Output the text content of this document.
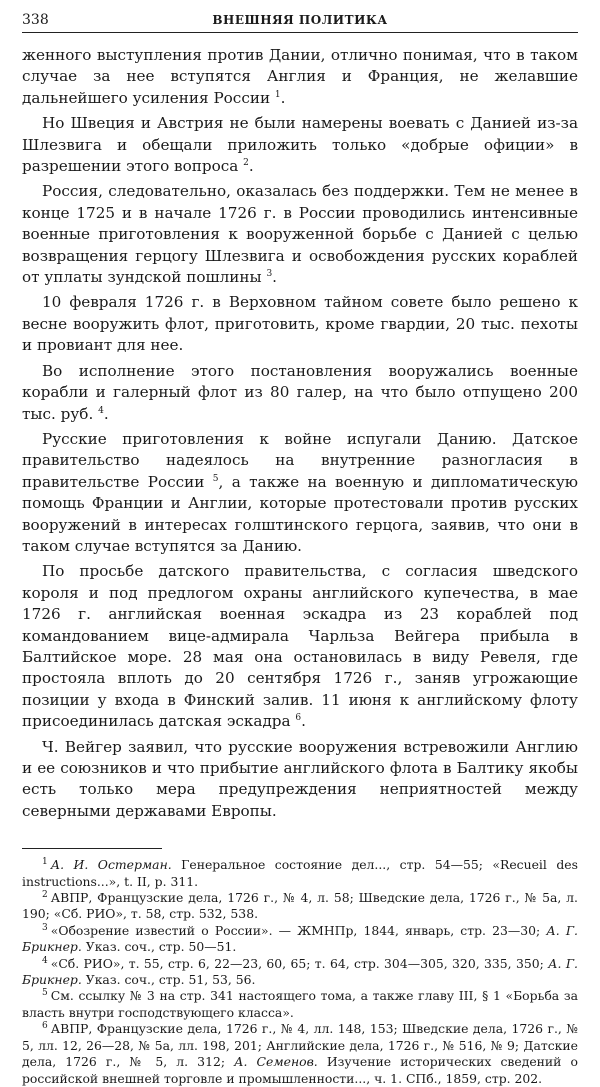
338	ВНЕШНЯЯ ПОЛИТИКА

женного выступления против Дании, отлично понимая, что в таком случае за нее вступятся Англия и Франция, не желавшие дальнейшего усиления России $^1$.

Но Швеция и Австрия не были намерены воевать с Данией из-за Шлезвига и обещали приложить только «добрые официи» в разрешении этого вопроса $^2$.

Россия, следовательно, оказалась без поддержки. Тем не менее в конце 1725 и в начале 1726 г. в России проводились интенсивные военные приготовления к вооруженной борьбе с Данией с целью возвращения герцогу Шлезвига и освобождения русских кораблей от уплаты зундской пошлины $^3$.

10 февраля 1726 г. в Верховном тайном совете было решено к весне вооружить флот, приготовить, кроме гвардии, 20 тыс. пехоты и провиант для нее.

Во исполнение этого постановления вооружались военные корабли и галерный флот из 80 галер, на что было отпущено 200 тыс. руб. $^4$.

Русские приготовления к войне испугали Данию. Датское правительство надеялось на внутренние разногласия в правительстве России $^5$, а также на военную и дипломатическую помощь Франции и Англии, которые протестовали против русских вооружений в интересах голштинского герцога, заявив, что они в таком случае вступятся за Данию.

По просьбе датского правительства, с согласия шведского короля и под предлогом охраны английского купечества, в мае 1726 г. английская военная эскадра из 23 кораблей под командованием вице-адмирала Чарльза Вейгера прибыла в Балтийское море. 28 мая она остановилась в виду Ревеля, где простояла вплоть до 20 сентября 1726 г., заняв угрожающие позиции у входа в Финский залив. 11 июня к английскому флоту присоединилась датская эскадра $^6$.

Ч. Вейгер заявил, что русские вооружения встревожили Англию и ее союзников и что прибытие английского флота в Балтику якобы есть только мера предупреждения неприятностей между северными державами Европы.

$^1$ А. И. Остерман. Генеральное состояние дел..., стр. 54—55; «Recueil des instructions...», t. II, p. 311.

$^2$ АВПР, Французские дела, 1726 г., № 4, л. 58; Шведские дела, 1726 г., № 5а, л. 190; «Сб. РИО», т. 58, стр. 532, 538.

$^3$ «Обозрение известий о России». — ЖМНПр, 1844, январь, стр. 23—30; А. Г. Брикнер. Указ. соч., стр. 50—51.

$^4$ «Сб. РИО», т. 55, стр. 6, 22—23, 60, 65; т. 64, стр. 304—305, 320, 335, 350; А. Г. Брикнер. Указ. соч., стр. 51, 53, 56.

$^5$ См. ссылку № 3 на стр. 341 настоящего тома, а также главу III, § 1 «Борьба за власть внутри господствующего класса».

$^6$ АВПР, Французские дела, 1726 г., № 4, лл. 148, 153; Шведские дела, 1726 г., № 5, лл. 12, 26—28, № 5а, лл. 198, 201; Английские дела, 1726 г., № 516, № 9; Датские дела, 1726 г., № 5, л. 312; А. Семенов. Изучение исторических сведений о российской внешней торговле и промышленности..., ч. 1. СПб., 1859, стр. 202.
